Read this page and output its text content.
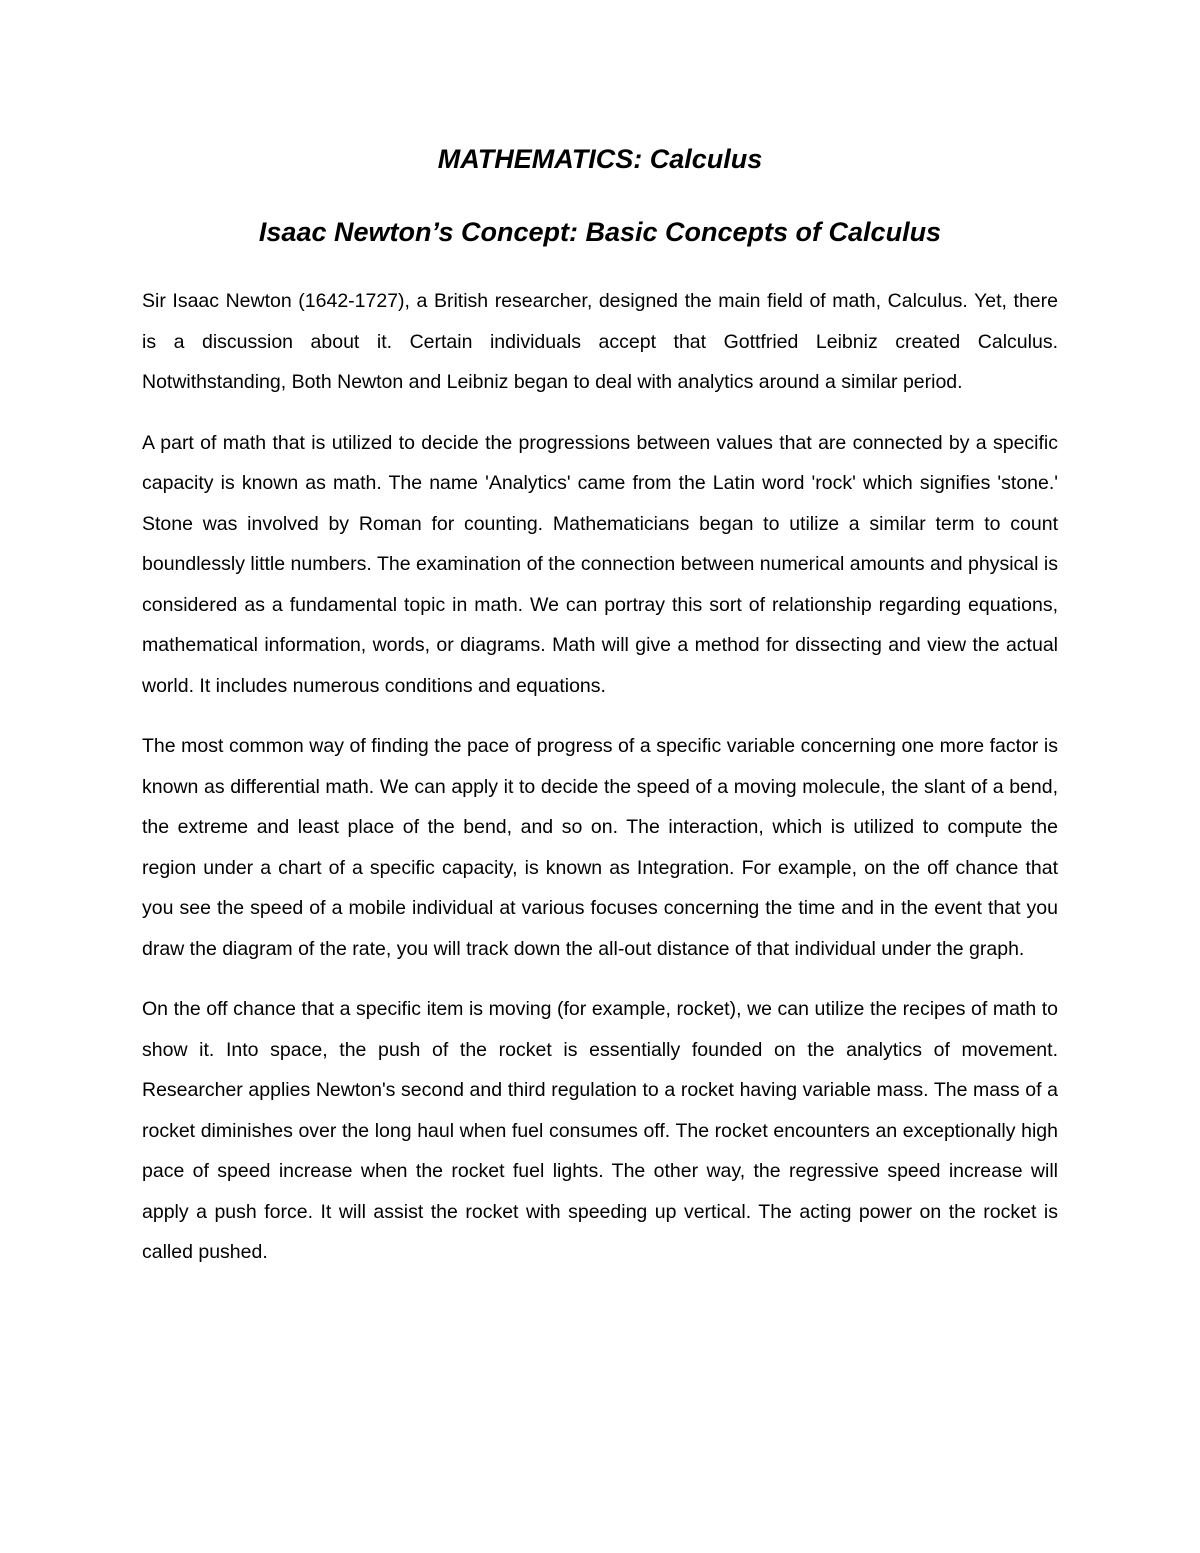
MATHEMATICS: Calculus
Isaac Newton’s Concept: Basic Concepts of Calculus

Sir Isaac Newton (1642-1727), a British researcher, designed the main field of math, Calculus. Yet, there is a discussion about it. Certain individuals accept that Gottfried Leibniz created Calculus. Notwithstanding, Both Newton and Leibniz began to deal with analytics around a similar period.

A part of math that is utilized to decide the progressions between values that are connected by a specific capacity is known as math. The name 'Analytics' came from the Latin word 'rock' which signifies 'stone.' Stone was involved by Roman for counting. Mathematicians began to utilize a similar term to count boundlessly little numbers. The examination of the connection between numerical amounts and physical is considered as a fundamental topic in math. We can portray this sort of relationship regarding equations, mathematical information, words, or diagrams. Math will give a method for dissecting and view the actual world. It includes numerous conditions and equations.

The most common way of finding the pace of progress of a specific variable concerning one more factor is known as differential math. We can apply it to decide the speed of a moving molecule, the slant of a bend, the extreme and least place of the bend, and so on. The interaction, which is utilized to compute the region under a chart of a specific capacity, is known as Integration. For example, on the off chance that you see the speed of a mobile individual at various focuses concerning the time and in the event that you draw the diagram of the rate, you will track down the all-out distance of that individual under the graph.

On the off chance that a specific item is moving (for example, rocket), we can utilize the recipes of math to show it. Into space, the push of the rocket is essentially founded on the analytics of movement. Researcher applies Newton's second and third regulation to a rocket having variable mass. The mass of a rocket diminishes over the long haul when fuel consumes off. The rocket encounters an exceptionally high pace of speed increase when the rocket fuel lights. The other way, the regressive speed increase will apply a push force. It will assist the rocket with speeding up vertical. The acting power on the rocket is called pushed.
